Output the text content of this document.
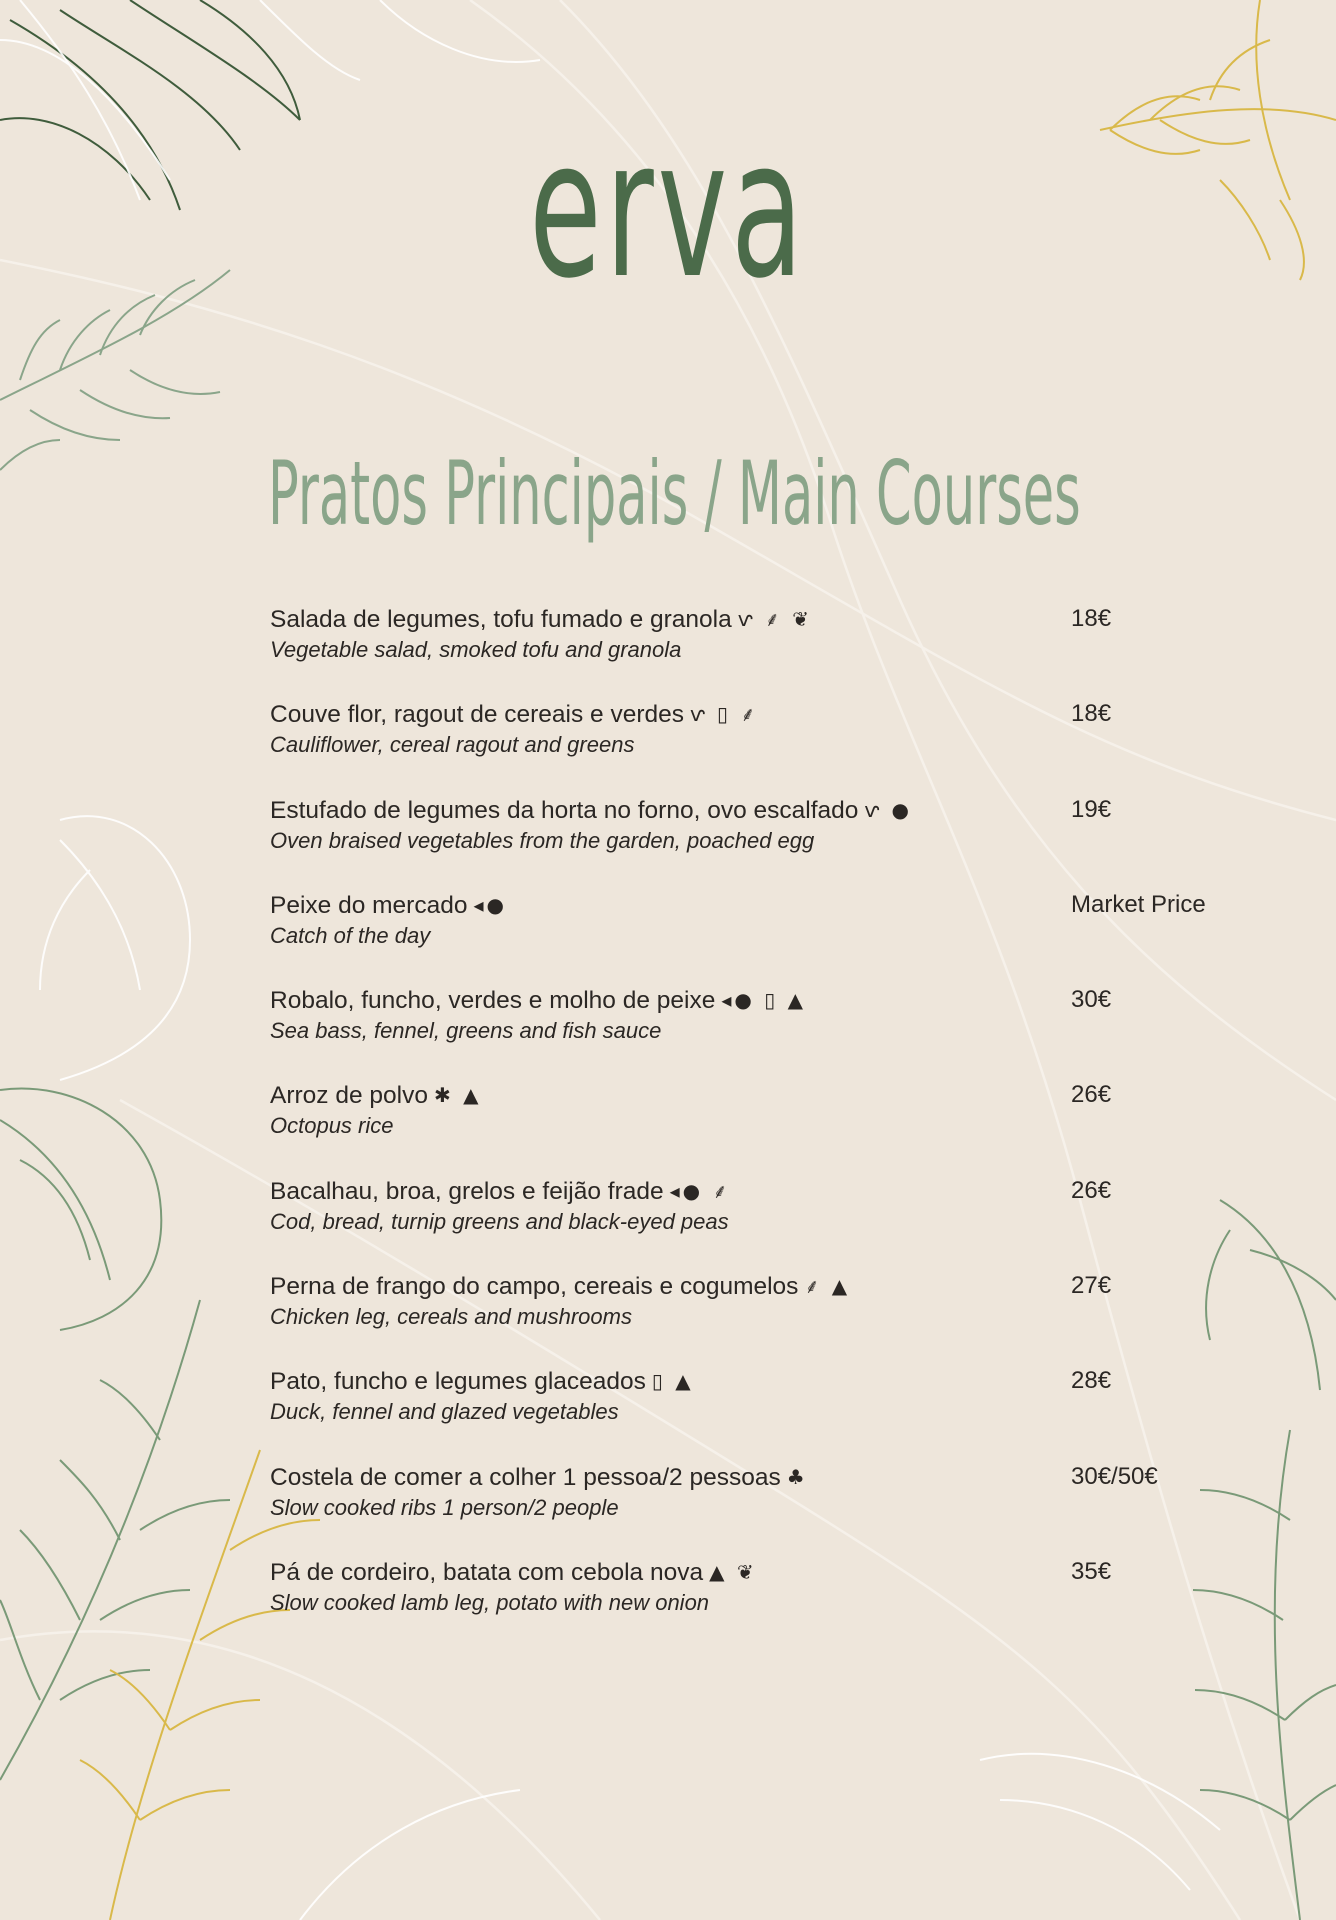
erva
Pratos Principais / Main Courses
Salada de legumes, tofu fumado e granola ⱱ ⸙ ❦
Vegetable salad, smoked tofu and granola
18€
Couve flor, ragout de cereais e verdes ⱱ ▯ ⸙
Cauliflower, cereal ragout and greens
18€
Estufado de legumes da horta no forno, ovo escalfado ⱱ ●
Oven braised vegetables from the garden, poached egg
19€
Peixe do mercado ◂●
Catch of the day
Market Price
Robalo, funcho, verdes e molho de peixe ◂● ▯ ▲
Sea bass, fennel, greens and fish sauce
30€
Arroz de polvo ✱ ▲
Octopus rice
26€
Bacalhau, broa, grelos e feijão frade ◂● ⸙
Cod, bread, turnip greens and black-eyed peas
26€
Perna de frango do campo, cereais e cogumelos ⸙ ▲
Chicken leg, cereals and mushrooms
27€
Pato, funcho e legumes glaceados ▯ ▲
Duck, fennel and glazed vegetables
28€
Costela de comer a colher 1 pessoa/2 pessoas ♣
Slow cooked ribs 1 person/2 people
30€/50€
Pá de cordeiro, batata com cebola nova ▲ ❦
Slow cooked lamb leg, potato with new onion
35€
